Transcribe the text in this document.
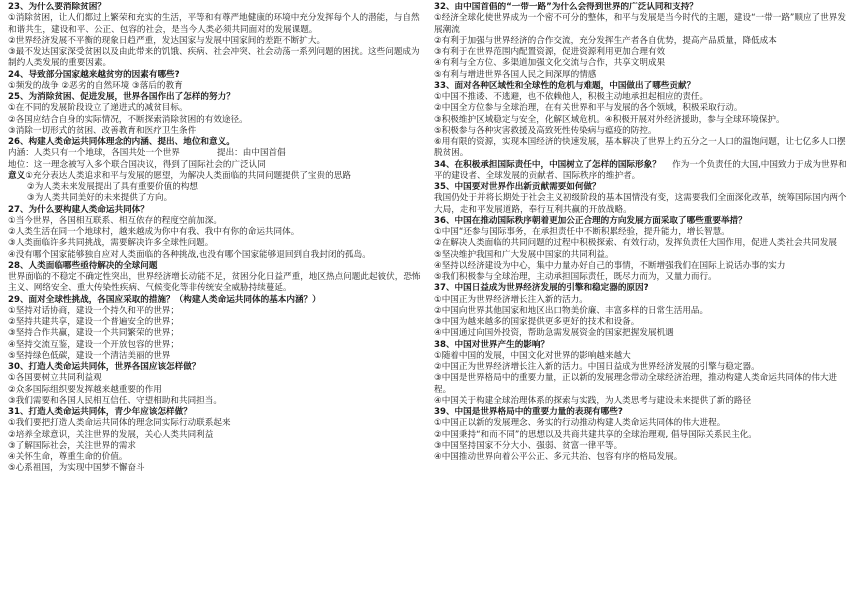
23、为什么要消除贫困？
①消除贫困，让人们都过上繁荣和充实的生活，平等和有尊严地健康的环境中充分发挥每个人的潜能，与自然和谐共生，建设和平、公正、包容的社会，是当今人类必须共同面对的发展课题。
②世界经济发展不平衡的现象日趋严重，发达国家与发展中国家间的差距不断扩大。
③最不发达国家深受贫困以及由此带来的饥饿、疾病、社会冲突、社会动荡一系列问题的困扰。这些问题成为制约人类发展的重要因素。
24、导致部分国家越来越贫穷的因素有哪些?
①频发的战争 ②恶劣的自然环境 ③落后的教育
25、为消除贫困、促进发展，世界各国作出了怎样的努力？
①在不同的发展阶段设立了递进式的减贫目标。
②各国应结合自身的实际情况，不断探索消除贫困的有效途径。
③消除一切形式的贫困、改善教育和医疗卫生条件
26、构建人类命运共同体理念的内涵、提出、地位和意义。
内涵：人类只有一个地球，各国共处一个世界 　　　　提出：由中国首倡
地位：这一理念被写入多个联合国决议，得到了国际社会的广泛认同
意义①充分表达人类追求和平与发展的愿望，为解决人类面临的共同问题提供了宝贵的思路
②为人类未来发展提出了具有重要价值的构想
③为人类共同美好的未来提供了方向。
27、为什么要构建人类命运共同体？
①当今世界，各国相互联系、相互依存的程度空前加深。
②人类生活在同一个地球村，越来越成为你中有我、我中有你的命运共同体。
③人类面临许多共同挑战，需要解决许多全球性问题。
④没有哪个国家能够独自应对人类面临的各种挑战,也没有哪个国家能够退回到自我封闭的孤岛。
28、人类面临哪些亟待解决的全球问题
世界面临的不稳定不确定性突出，世界经济增长动能不足，贫困分化日益严重，地区热点问题此起彼伏，恐怖主义、网络安全、重大传染性疾病、气候变化等非传统安全威胁持续蔓延。
29、面对全球性挑战，各国应采取的措施？（构建人类命运共同体的基本内涵？）
①坚持对话协商，建设一个持久和平的世界；
②坚持共建共享，建设一个普遍安全的世界；
③坚持合作共赢，建设一个共同繁荣的世界；
④坚持交流互鉴，建设一个开放包容的世界；
⑤坚持绿色低碳，建设一个清洁美丽的世界
30、打造人类命运共同体，世界各国应该怎样做？
①各国要树立共同利益观
②众多国际组织要发挥越来越重要的作用
③我们需要和各国人民相互信任、守望相助和共同担当。
31、打造人类命运共同体，青少年应该怎样做？
①我们要把打造人类命运共同体的理念同实际行动联系起来
②培养全球意识，关注世界的发展，关心人类共同利益
③了解国际社会，关注世界的需求
④关怀生命，尊重生命的价值。
⑤心系祖国，为实现中国梦不懈奋斗
32、由中国首倡的“一带一路”为什么会得到世界的广泛认同和支持？
①经济全球化使世界成为一个密不可分的整体，和平与发展是当今时代的主题，建设“一带一路”顺应了世界发展潮流
②有利于加强与世界经济的合作交流，充分发挥生产者各自优势，提高产品质量，降低成本
③有利于在世界范围内配置资源，促进资源利用更加合理有效
④有利与全方位、多渠道加强文化交流与合作，共享文明成果
⑤有利与增进世界各国人民之间深厚的情感
33、面对各种区域性和全球性的危机与难题，中国做出了哪些贡献？
①中国不推诿、不逃避，也不依赖他人，积极主动地承担起相应的责任。
②中国全方位参与全球治理，在有关世界和平与发展的各个领域，积极采取行动。
③积极维护区域稳定与安全，化解区域危机。④积极开展对外经济援助，参与全球环境保护。
⑤积极参与各种灾害救援及高致死性传染病与瘟疫的防控。
⑥用有限的资源，实现本国经济的快速发展，基本解决了世界上约五分之一人口的温饱问题，让七亿多人口摆脱贫困。
34、在积极承担国际责任中，中国树立了怎样的国际形象？ 　作为一个负责任的大国,中国致力于成为世界和平的建设者、全球发展的贡献者、国际秩序的维护者。
35、中国要对世界作出新贡献需要如何做？
我国仍处于并将长期处于社会主义初级阶段的基本国情没有变，这需要我们全面深化改革，统筹国际国内两个大局，走和平发展道路，奉行互利共赢的开放战略。
36、中国在推动国际秩序朝着更加公正合理的方向发展方面采取了哪些重要举措？
①中国“还参与国际事务，在承担责任中不断积累经验，提升能力，增长智慧。
②在解决人类面临的共同问题的过程中积极探索、有效行动，发挥负责任大国作用，促进人类社会共同发展
⑤坚决维护我国和广大发展中国家的共同利益。
④坚持以经济建设为中心，集中力量办好自己的事情，不断增强我们在国际上说话办事的实力
⑤我们积极参与全球治理，主动承担国际责任，既尽力而为，又量力而行。
37、中国日益成为世界经济发展的引擎和稳定器的原因?
①中国正为世界经济增长注入新的活力。
②中国向世界其他国家和地区出口物美价廉、丰富多样的日常生活用品。
③中国为越来越多的国家提供更多更好的技术和设备。
④中国通过向国外投资，帮助急需发展资金的国家把握发展机遇
38、中国对世界产生的影响？
①随着中国的发展，中国文化对世界的影响越来越大
②中国正为世界经济增长注入新的活力。中国日益成为世界经济发展的引擎与稳定器。
③中国是世界格局中的重要力量，正以新的发展理念带动全球经济治理，推动构建人类命运共同体的伟大进程。
④中国关于构建全球治理体系的探索与实践，为人类思考与建设未来提供了新的路径
39、中国是世界格局中的重要力量的表现有哪些?
①中国正以新的发展理念、务实的行动推动构建人类命运共同体的伟大进程。
②中国秉持“和而不同”的思想以及共商共建共享的全球治理观, 倡导国际关系民主化。
③中国坚持国家不分大小、强弱、贫富一律平等。
④中国推动世界向着公平公正、多元共治、包容有序的格局发展。
